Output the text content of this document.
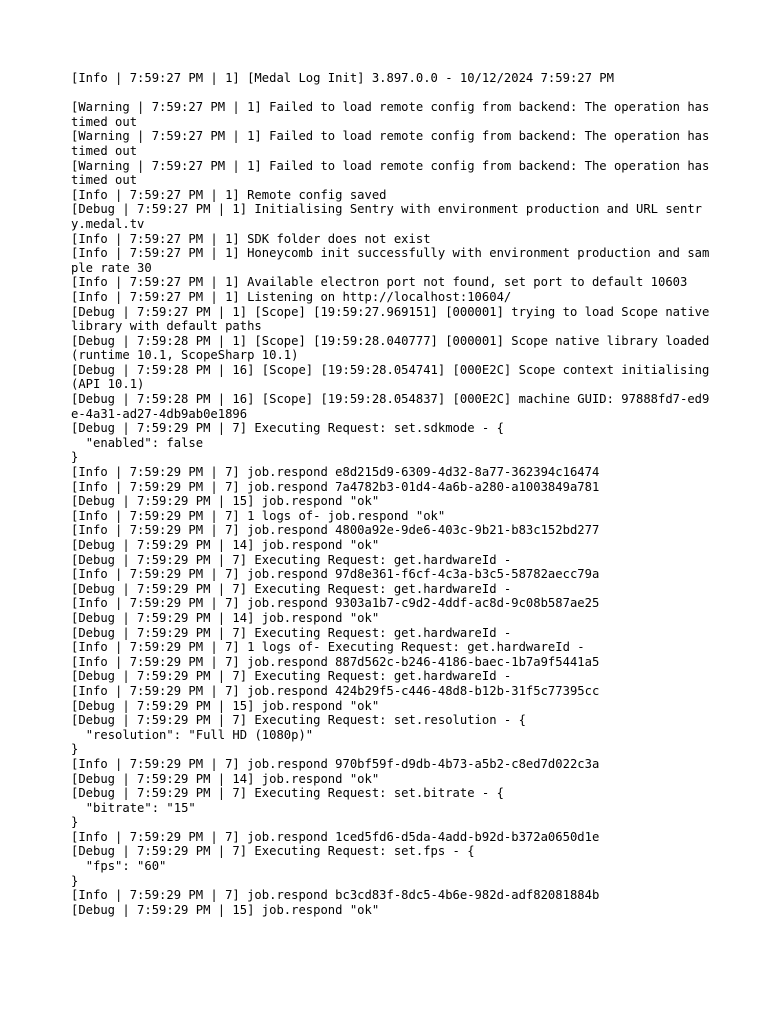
[Info | 7:59:27 PM | 1] [Medal Log Init] 3.897.0.0 - 10/12/2024 7:59:27 PM
[Warning | 7:59:27 PM | 1] Failed to load remote config from backend: The operation has timed out
[Warning | 7:59:27 PM | 1] Failed to load remote config from backend: The operation has timed out
[Warning | 7:59:27 PM | 1] Failed to load remote config from backend: The operation has timed out
[Info | 7:59:27 PM | 1] Remote config saved
[Debug | 7:59:27 PM | 1] Initialising Sentry with environment production and URL sentry.medal.tv
[Info | 7:59:27 PM | 1] SDK folder does not exist
[Info | 7:59:27 PM | 1] Honeycomb init successfully with environment production and sample rate 30
[Info | 7:59:27 PM | 1] Available electron port not found, set port to default 10603
[Info | 7:59:27 PM | 1] Listening on http://localhost:10604/
[Debug | 7:59:27 PM | 1] [Scope] [19:59:27.969151] [000001] trying to load Scope native library with default paths
[Debug | 7:59:28 PM | 1] [Scope] [19:59:28.040777] [000001] Scope native library loaded (runtime 10.1, ScopeSharp 10.1)
[Debug | 7:59:28 PM | 16] [Scope] [19:59:28.054741] [000E2C] Scope context initialising (API 10.1)
[Debug | 7:59:28 PM | 16] [Scope] [19:59:28.054837] [000E2C] machine GUID: 97888fd7-ed9e-4a31-ad27-4db9ab0e1896
[Debug | 7:59:29 PM | 7] Executing Request: set.sdkmode - {
"enabled": false
}
[Info | 7:59:29 PM | 7] job.respond e8d215d9-6309-4d32-8a77-362394c16474
[Info | 7:59:29 PM | 7] job.respond 7a4782b3-01d4-4a6b-a280-a1003849a781
[Debug | 7:59:29 PM | 15] job.respond "ok"
[Info | 7:59:29 PM | 7] 1 logs of- job.respond "ok"
[Info | 7:59:29 PM | 7] job.respond 4800a92e-9de6-403c-9b21-b83c152bd277
[Debug | 7:59:29 PM | 14] job.respond "ok"
[Debug | 7:59:29 PM | 7] Executing Request: get.hardwareId -
[Info | 7:59:29 PM | 7] job.respond 97d8e361-f6cf-4c3a-b3c5-58782aecc79a
[Debug | 7:59:29 PM | 7] Executing Request: get.hardwareId -
[Info | 7:59:29 PM | 7] job.respond 9303a1b7-c9d2-4ddf-ac8d-9c08b587ae25
[Debug | 7:59:29 PM | 14] job.respond "ok"
[Debug | 7:59:29 PM | 7] Executing Request: get.hardwareId -
[Info | 7:59:29 PM | 7] 1 logs of- Executing Request: get.hardwareId -
[Info | 7:59:29 PM | 7] job.respond 887d562c-b246-4186-baec-1b7a9f5441a5
[Debug | 7:59:29 PM | 7] Executing Request: get.hardwareId -
[Info | 7:59:29 PM | 7] job.respond 424b29f5-c446-48d8-b12b-31f5c77395cc
[Debug | 7:59:29 PM | 15] job.respond "ok"
[Debug | 7:59:29 PM | 7] Executing Request: set.resolution - {
"resolution": "Full HD (1080p)"
}
[Info | 7:59:29 PM | 7] job.respond 970bf59f-d9db-4b73-a5b2-c8ed7d022c3a
[Debug | 7:59:29 PM | 14] job.respond "ok"
[Debug | 7:59:29 PM | 7] Executing Request: set.bitrate - {
"bitrate": "15"
}
[Info | 7:59:29 PM | 7] job.respond 1ced5fd6-d5da-4add-b92d-b372a0650d1e
[Debug | 7:59:29 PM | 7] Executing Request: set.fps - {
"fps": "60"
}
[Info | 7:59:29 PM | 7] job.respond bc3cd83f-8dc5-4b6e-982d-adf82081884b
[Debug | 7:59:29 PM | 15] job.respond "ok"
